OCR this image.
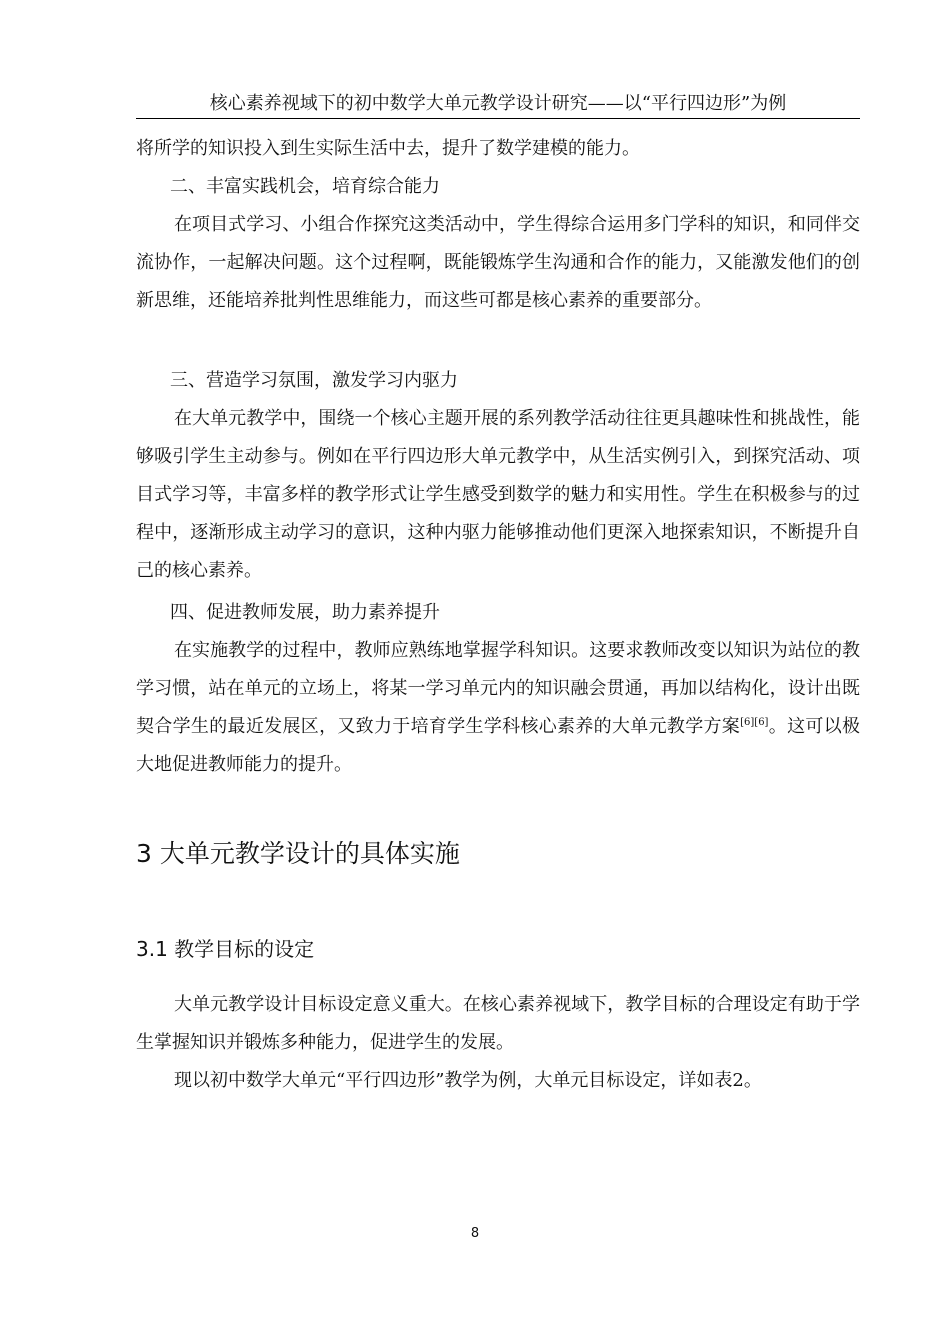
核心素养视域下的初中数学大单元教学设计研究——以“平行四边形”为例

将所学的知识投入到生实际生活中去，提升了数学建模的能力。

二、丰富实践机会，培育综合能力

在项目式学习、小组合作探究这类活动中，学生得综合运用多门学科的知识，和同伴交流协作，一起解决问题。这个过程啊，既能锻炼学生沟通和合作的能力，又能激发他们的创新思维，还能培养批判性思维能力，而这些可都是核心素养的重要部分。

三、营造学习氛围，激发学习内驱力

在大单元教学中，围绕一个核心主题开展的系列教学活动往往更具趣味性和挑战性，能够吸引学生主动参与。例如在平行四边形大单元教学中，从生活实例引入，到探究活动、项目式学习等，丰富多样的教学形式让学生感受到数学的魅力和实用性。学生在积极参与的过程中，逐渐形成主动学习的意识，这种内驱力能够推动他们更深入地探索知识，不断提升自己的核心素养。

四、促进教师发展，助力素养提升

在实施教学的过程中，教师应熟练地掌握学科知识。这要求教师改变以知识为站位的教学习惯，站在单元的立场上，将某一学习单元内的知识融会贯通，再加以结构化，设计出既契合学生的最近发展区，又致力于培育学生学科核心素养的大单元教学方案[6][6]。这可以极大地促进教师能力的提升。

3 大单元教学设计的具体实施
3.1 教学目标的设定

大单元教学设计目标设定意义重大。在核心素养视域下，教学目标的合理设定有助于学生掌握知识并锻炼多种能力，促进学生的发展。

现以初中数学大单元“平行四边形”教学为例，大单元目标设定，详如表2。

8
